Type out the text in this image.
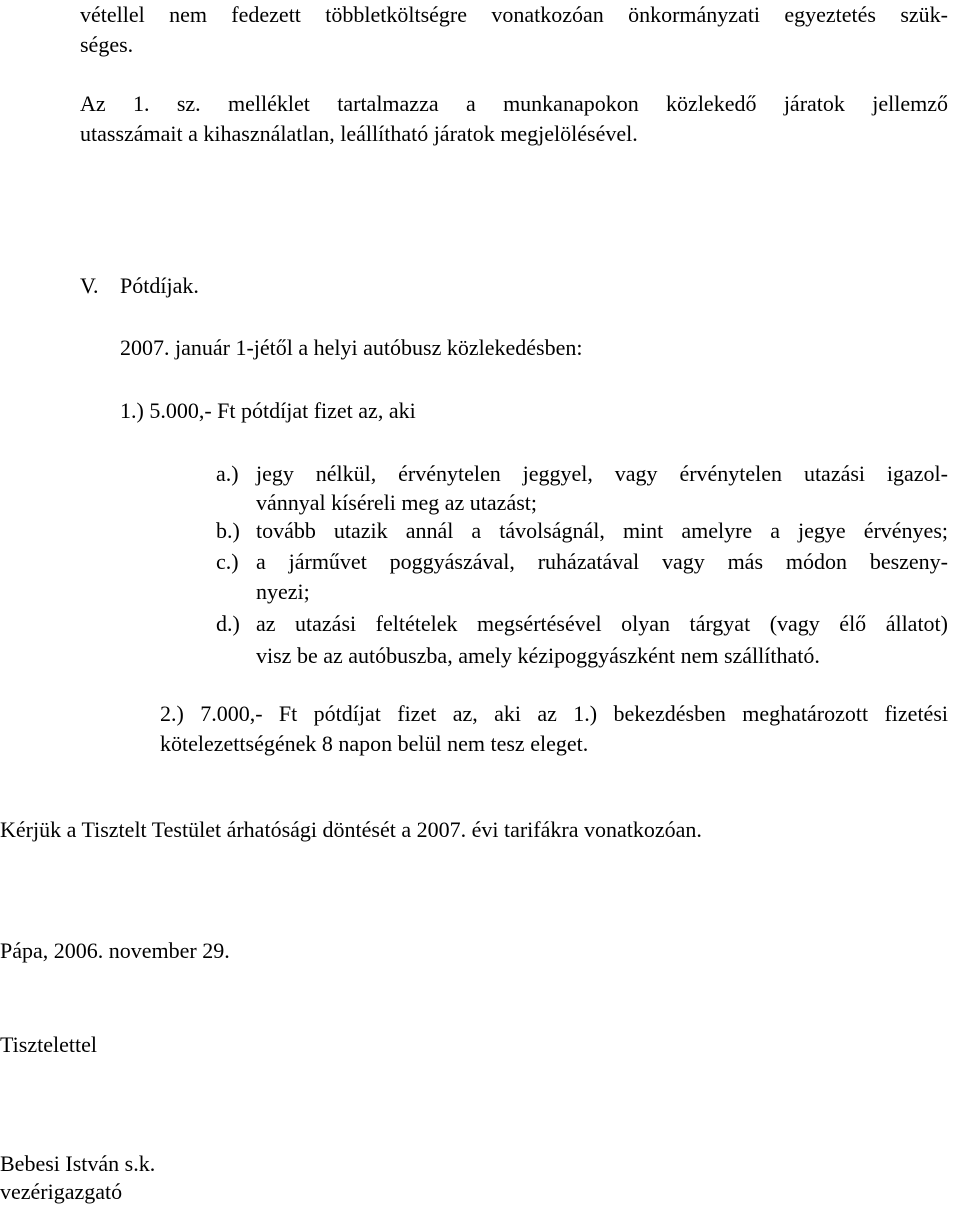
vétellel nem fedezett többletköltségre vonatkozóan önkormányzati egyeztetés szük-
séges.
Az 1. sz. melléklet tartalmazza a munkanapokon közlekedő járatok jellemző
utasszámait a kihasználatlan, leállítható járatok megjelölésével.
V. Pótdíjak.
2007. január 1-jétől a helyi autóbusz közlekedésben:
1.) 5.000,- Ft pótdíjat fizet az, aki
a.) jegy nélkül, érvénytelen jeggyel, vagy érvénytelen utazási igazol-
vánnyal kíséreli meg az utazást;
b.) tovább utazik annál a távolságnál, mint amelyre a jegye érvényes;
c.) a járművet poggyászával, ruházatával vagy más módon beszeny-
nyezi;
d.) az utazási feltételek megsértésével olyan tárgyat (vagy élő állatot)
visz be az autóbuszba, amely kézipoggyászként nem szállítható.
2.) 7.000,- Ft pótdíjat fizet az, aki az 1.) bekezdésben meghatározott fizetési
kötelezettségének 8 napon belül nem tesz eleget.
Kérjük a Tisztelt Testület árhatósági döntését a 2007. évi tarifákra vonatkozóan.
Pápa, 2006. november 29.
Tisztelettel
Bebesi István s.k.
vezérigazgató
